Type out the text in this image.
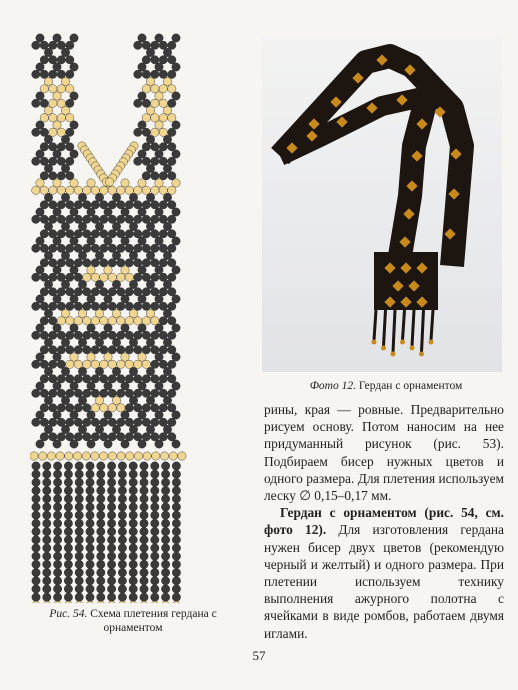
Фото 12. Гердан с орнаментом

рины, края — ровные. Предварительно рисуем основу. Потом наносим на нее придуманный рисунок (рис. 53). Подбираем бисер нужных цветов и одного размера. Для плетения используем леску ∅ 0,15–0,17 мм.

Гердан с орнаментом (рис. 54, см. фото 12). Для изготовления гердана нужен бисер двух цветов (рекомендую черный и желтый) и одного размера. При плетении используем технику выполнения ажурного полотна с ячейками в виде ромбов, работаем двумя иглами.

Рис. 54. Схема плетения гердана с орнаментом
57
